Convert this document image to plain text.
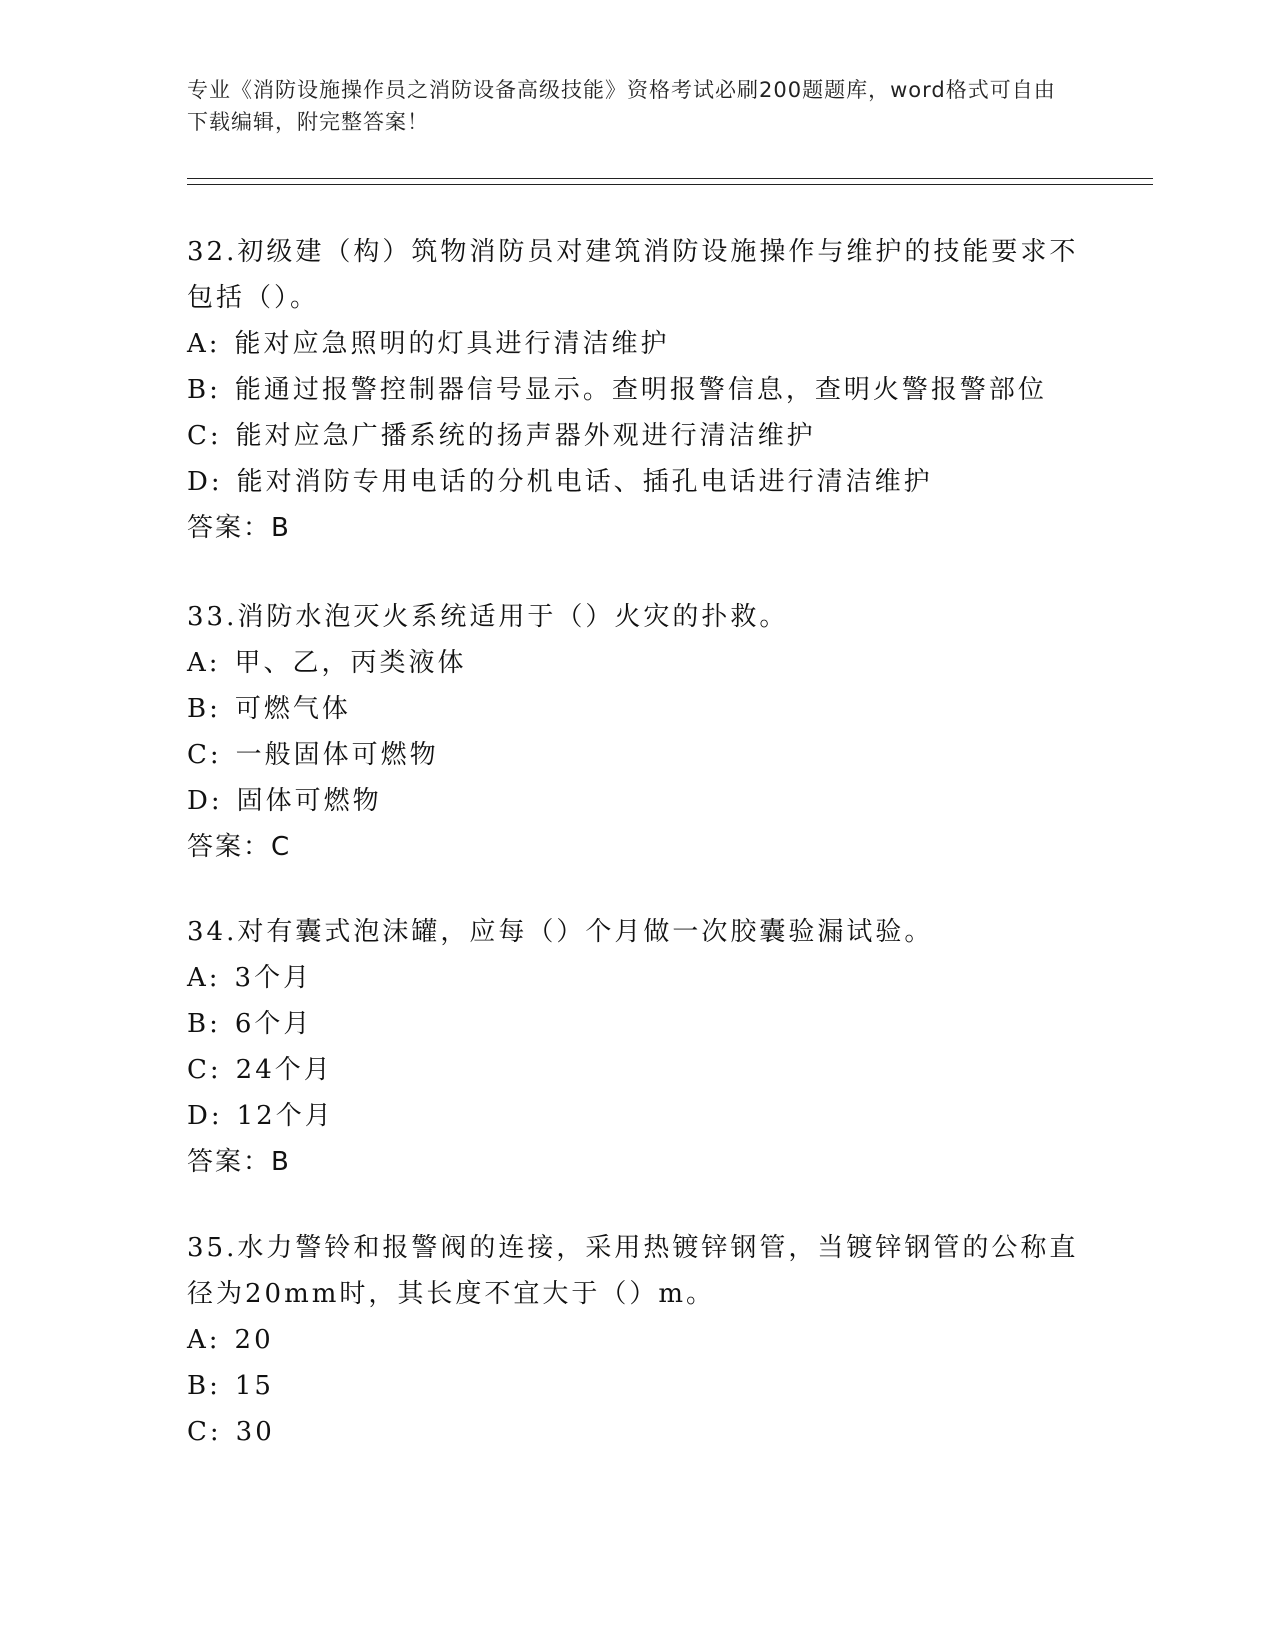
专业《消防设施操作员之消防设备高级技能》资格考试必刷200题题库，word格式可自由下载编辑，附完整答案！

32.初级建（构）筑物消防员对建筑消防设施操作与维护的技能要求不

包括（）。

A: 能对应急照明的灯具进行清洁维护

B: 能通过报警控制器信号显示。查明报警信息，查明火警报警部位

C: 能对应急广播系统的扬声器外观进行清洁维护

D: 能对消防专用电话的分机电话、插孔电话进行清洁维护

答案：B

33.消防水泡灭火系统适用于（）火灾的扑救。

A: 甲、乙，丙类液体

B: 可燃气体

C: 一般固体可燃物

D: 固体可燃物

答案：C

34.对有囊式泡沫罐，应每（）个月做一次胶囊验漏试验。

A: 3个月

B: 6个月

C: 24个月

D: 12个月

答案：B

35.水力警铃和报警阀的连接，采用热镀锌钢管，当镀锌钢管的公称直

径为20mm时，其长度不宜大于（）m。

A: 20

B: 15

C: 30
